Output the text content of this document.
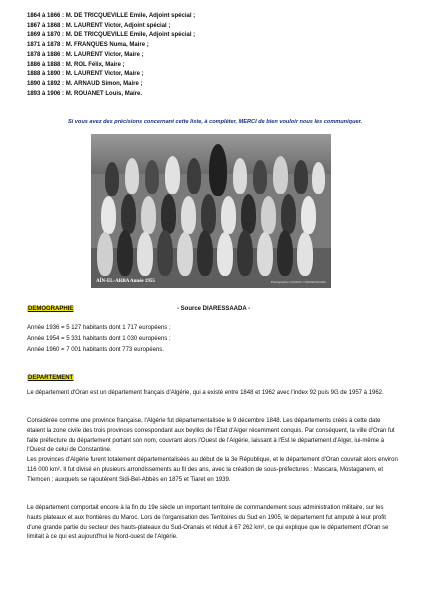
1864 à 1866 : M. DE TRICQUEVILLE Emile, Adjoint spécial ;
1867 à 1868 : M. LAURENT Victor, Adjoint spécial ;
1869 à 1870 : M. DE TRICQUEVILLE Emile, Adjoint spécial ;
1871 à 1878 : M. FRANQUES Numa, Maire ;
1878 à 1886 : M. LAURENT Victor, Maire ;
1886 à 1888 : M. ROL Félix, Maire ;
1888 à 1890 : M. LAURENT Victor, Maire ;
1890 à 1892 : M. ARNAUD Simon, Maire ;
1893 à 1906 : M. ROUANET Louis, Maire.
Si vous avez des précisions concernant cette liste, à compléter, MERCI de bien vouloir nous les communiquer.
Photographie CASSOU / DIARESSAADA
AÏN-EL-ARBA Année 1955
DEMOGRAPHIE	- Source DIARESSAADA -
Année 1936 = 5 127 habitants dont 1 717 européens ;
Année 1954 = 5 331 habitants dont 1 030 européens ;
Année 1960 = 7 001 habitants dont 773 européens.
DEPARTEMENT
Le département d'Oran est un département français d'Algérie, qui a existé entre 1848 et 1962 avec l'index 92 puis 9G de 1957 à 1962.
Considérée comme une province française, l'Algérie fut départementalisée le 9 décembre 1848. Les départements créés à cette date étaient la zone civile des trois provinces correspondant aux beyliks de l'État d'Alger récemment conquis. Par conséquent, la ville d'Oran fut faite préfecture du département portant son nom, couvrant alors l'Ouest de l'Algérie, laissant à l'Est le département d'Alger, lui-même à l'Ouest de celui de Constantine.
Les provinces d'Algérie furent totalement départementalisées au début de la 3e République, et le département d'Oran couvrait alors environ 116 000 km². Il fut divisé en plusieurs arrondissements au fil des ans, avec la création de sous-préfectures : Mascara, Mostaganem, et Tlemcen ; auxquels se rajoutèrent Sidi-Bel-Abbès en 1875 et Tiaret en 1939.
Le département comportait encore à la fin du 19e siècle un important territoire de commandement sous administration militaire, sur les hauts plateaux et aux frontières du Maroc. Lors de l'organisation des Territoires du Sud en 1905, le département fut amputé à leur profit d'une grande partie du secteur des hauts-plateaux du Sud-Oranais et réduit à 67 262 km², ce qui explique que le département d'Oran se limitait à ce qui est aujourd'hui le Nord-ouest de l'Algérie.
